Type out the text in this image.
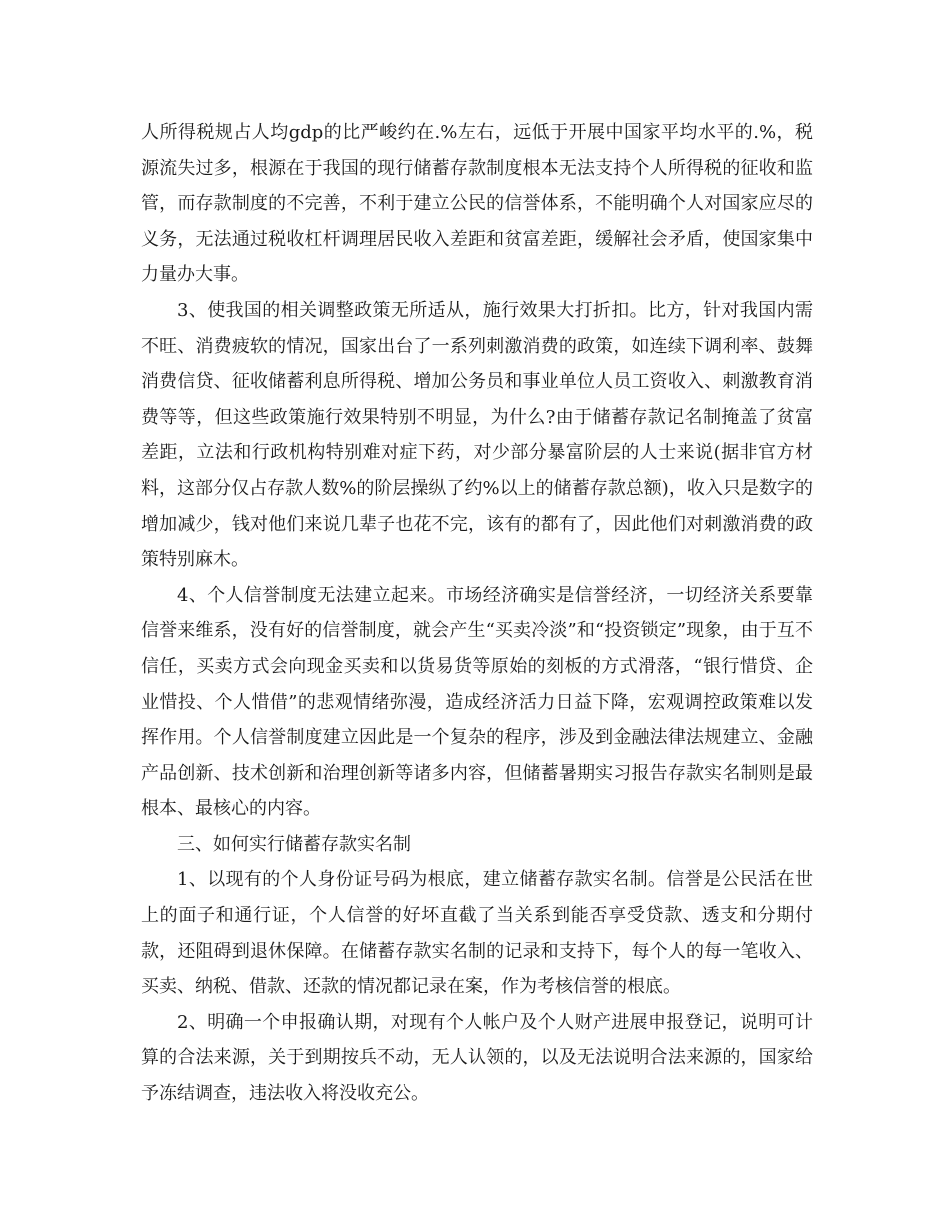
人所得税规占人均gdp的比严峻约在.%左右，远低于开展中国家平均水平的.%，税源流失过多，根源在于我国的现行储蓄存款制度根本无法支持个人所得税的征收和监管，而存款制度的不完善，不利于建立公民的信誉体系，不能明确个人对国家应尽的义务，无法通过税收杠杆调理居民收入差距和贫富差距，缓解社会矛盾，使国家集中力量办大事。

3、使我国的相关调整政策无所适从，施行效果大打折扣。比方，针对我国内需不旺、消费疲软的情况，国家出台了一系列刺激消费的政策，如连续下调利率、鼓舞消费信贷、征收储蓄利息所得税、增加公务员和事业单位人员工资收入、刺激教育消费等等，但这些政策施行效果特别不明显，为什么?由于储蓄存款记名制掩盖了贫富差距，立法和行政机构特别难对症下药，对少部分暴富阶层的人士来说(据非官方材料，这部分仅占存款人数%的阶层操纵了约%以上的储蓄存款总额)，收入只是数字的增加减少，钱对他们来说几辈子也花不完，该有的都有了，因此他们对刺激消费的政策特别麻木。

4、个人信誉制度无法建立起来。市场经济确实是信誉经济，一切经济关系要靠信誉来维系，没有好的信誉制度，就会产生“买卖冷淡”和“投资锁定”现象，由于互不信任，买卖方式会向现金买卖和以货易货等原始的刻板的方式滑落，“银行惜贷、企业惜投、个人惜借”的悲观情绪弥漫，造成经济活力日益下降，宏观调控政策难以发挥作用。个人信誉制度建立因此是一个复杂的程序，涉及到金融法律法规建立、金融产品创新、技术创新和治理创新等诸多内容，但储蓄暑期实习报告存款实名制则是最根本、最核心的内容。

三、如何实行储蓄存款实名制

1、以现有的个人身份证号码为根底，建立储蓄存款实名制。信誉是公民活在世上的面子和通行证，个人信誉的好坏直截了当关系到能否享受贷款、透支和分期付款，还阻碍到退休保障。在储蓄存款实名制的记录和支持下，每个人的每一笔收入、买卖、纳税、借款、还款的情况都记录在案，作为考核信誉的根底。

2、明确一个申报确认期，对现有个人帐户及个人财产进展申报登记，说明可计算的合法来源，关于到期按兵不动，无人认领的，以及无法说明合法来源的，国家给予冻结调查，违法收入将没收充公。
